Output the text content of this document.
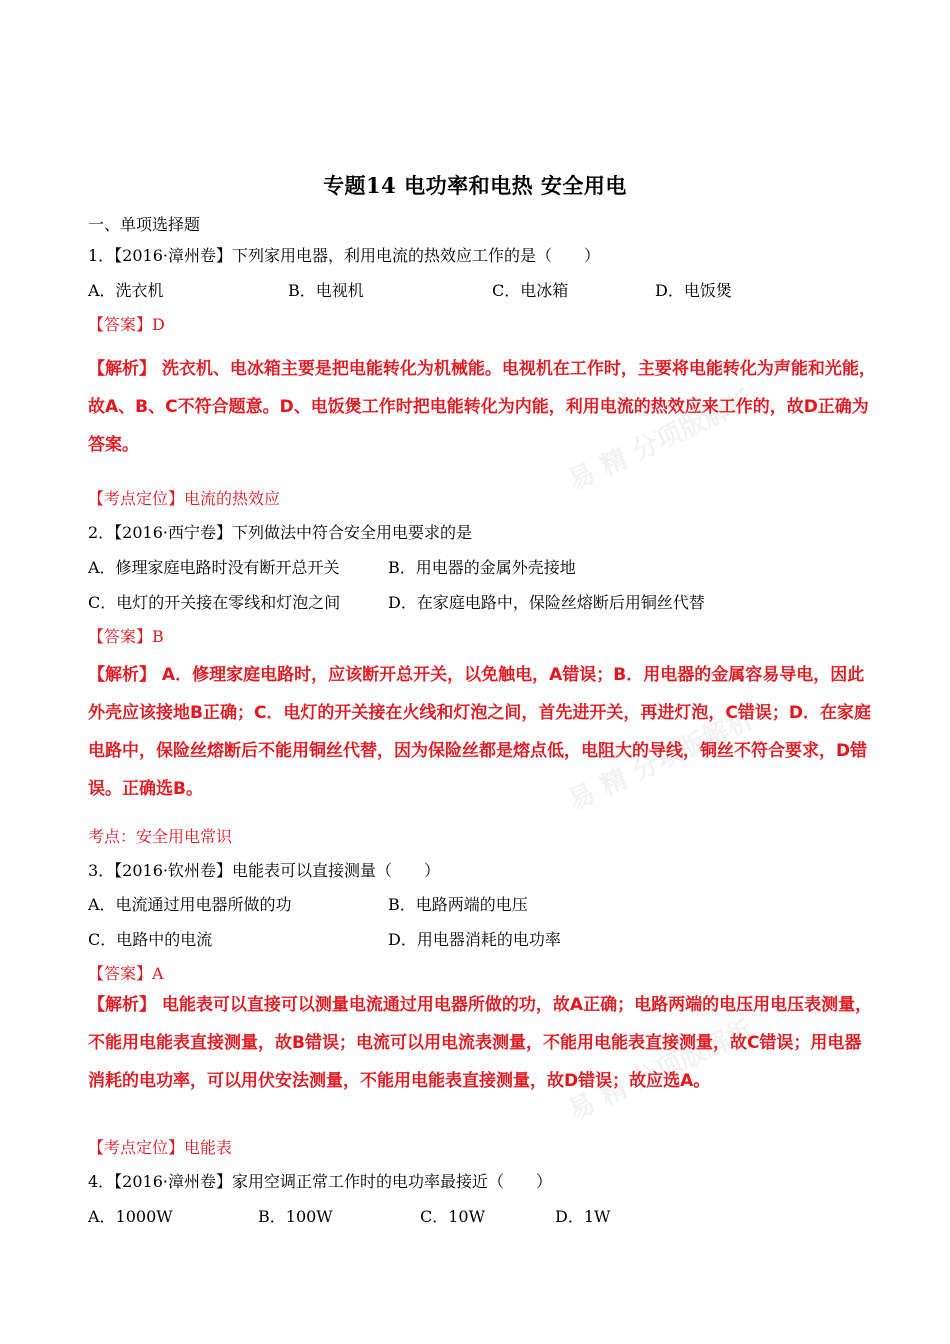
易 精 分项版解析
易 精 分项版解析
易 精 分项版解析
专题14 电功率和电热 安全用电
一、单项选择题
1．【2016·漳州卷】下列家用电器，利用电流的热效应工作的是（　　）
A．洗衣机	B．电视机	C．电冰箱	D．电饭煲
【答案】D
【解析】 洗衣机、电冰箱主要是把电能转化为机械能。电视机在工作时，主要将电能转化为声能和光能，故A、B、C不符合题意。D、电饭煲工作时把电能转化为内能，利用电流的热效应来工作的，故D正确为答案。
【考点定位】电流的热效应
2．【2016·西宁卷】下列做法中符合安全用电要求的是
A．修理家庭电路时没有断开总开关	B．用电器的金属外壳接地
C．电灯的开关接在零线和灯泡之间	D．在家庭电路中，保险丝熔断后用铜丝代替
【答案】B
【解析】 A．修理家庭电路时，应该断开总开关，以免触电，A错误；B．用电器的金属容易导电，因此外壳应该接地B正确；C．电灯的开关接在火线和灯泡之间，首先进开关，再进灯泡，C错误；D．在家庭电路中，保险丝熔断后不能用铜丝代替，因为保险丝都是熔点低，电阻大的导线，铜丝不符合要求，D错误。正确选B。
考点：安全用电常识
3．【2016·钦州卷】电能表可以直接测量（　　）
A．电流通过用电器所做的功	B．电路两端的电压
C．电路中的电流	D．用电器消耗的电功率
【答案】A
【解析】 电能表可以直接可以测量电流通过用电器所做的功，故A正确；电路两端的电压用电压表测量，不能用电能表直接测量，故B错误；电流可以用电流表测量，不能用电能表直接测量，故C错误；用电器消耗的电功率，可以用伏安法测量，不能用电能表直接测量，故D错误；故应选A。
【考点定位】电能表
4．【2016·漳州卷】家用空调正常工作时的电功率最接近（　　）
A．1000W	B．100W	C．10W	D．1W
